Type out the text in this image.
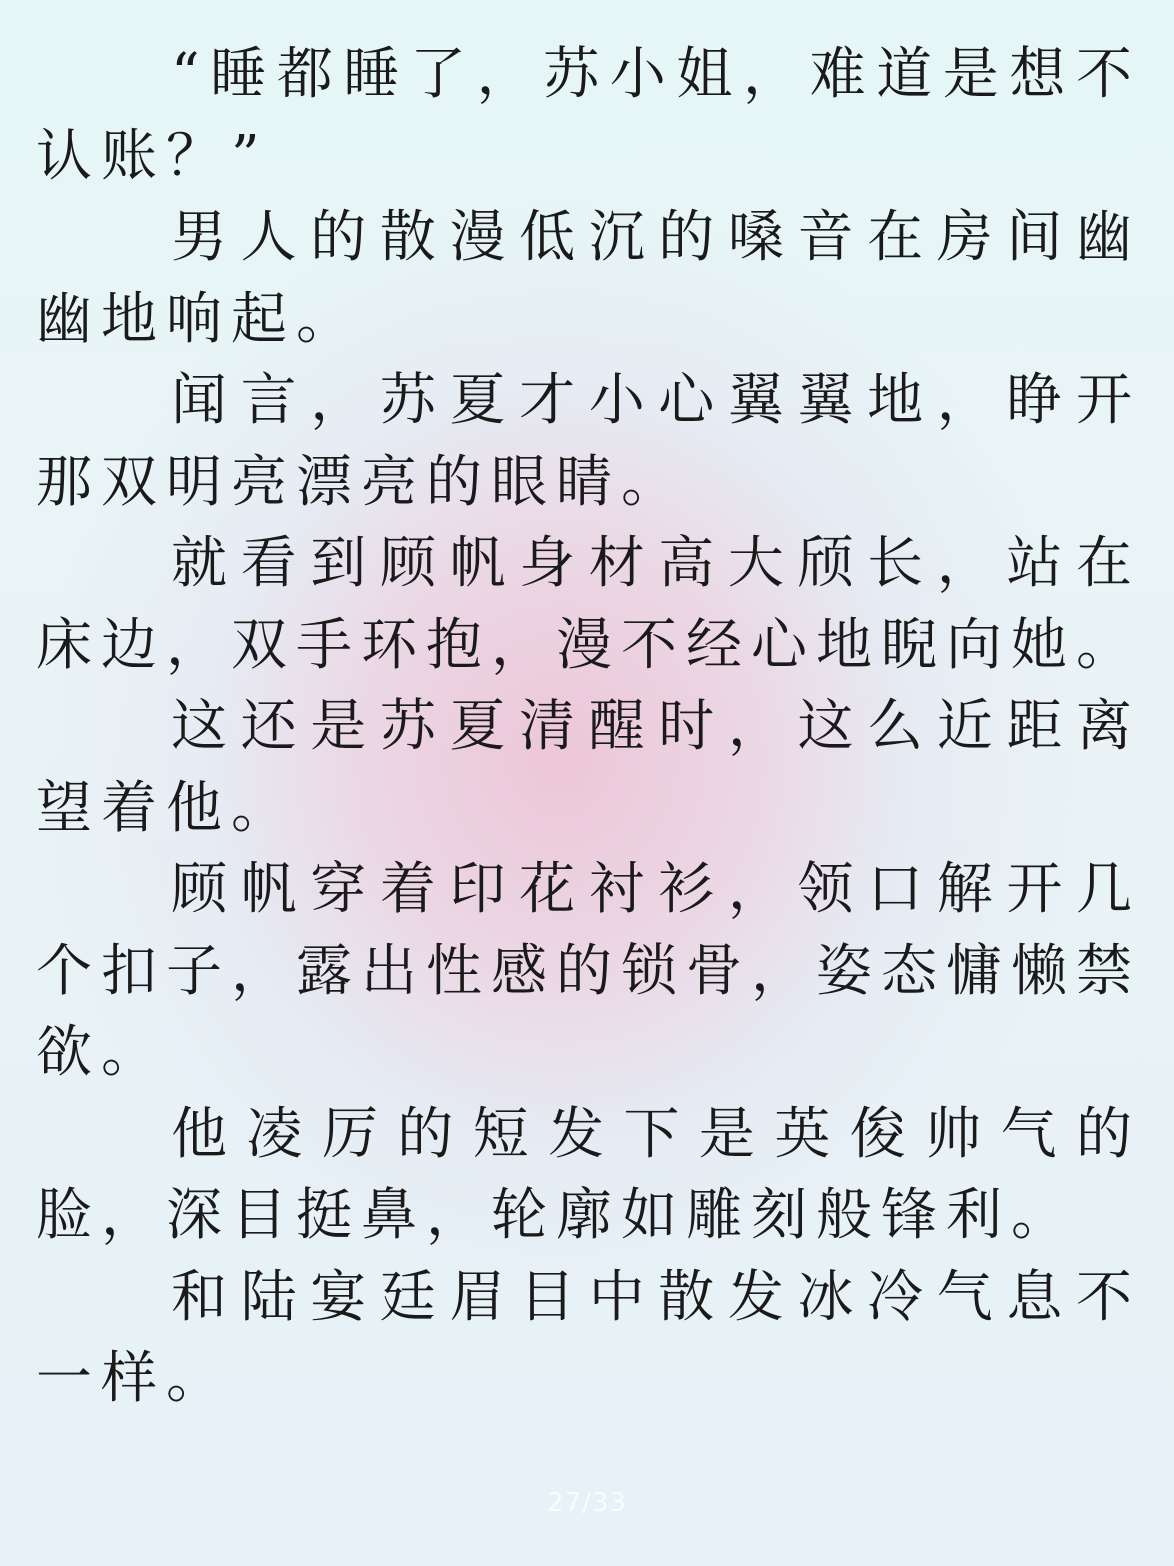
“睡都睡了，苏小姐，难道是想不认账？”

男人的散漫低沉的嗓音在房间幽幽地响起。

闻言，苏夏才小心翼翼地，睁开那双明亮漂亮的眼睛。

就看到顾帆身材高大颀长，站在床边，双手环抱，漫不经心地睨向她。

这还是苏夏清醒时，这么近距离望着他。

顾帆穿着印花衬衫，领口解开几个扣子，露出性感的锁骨，姿态慵懒禁欲。

他凌厉的短发下是英俊帅气的脸，深目挺鼻，轮廓如雕刻般锋利。

和陆宴廷眉目中散发冰冷气息不一样。

27/33
